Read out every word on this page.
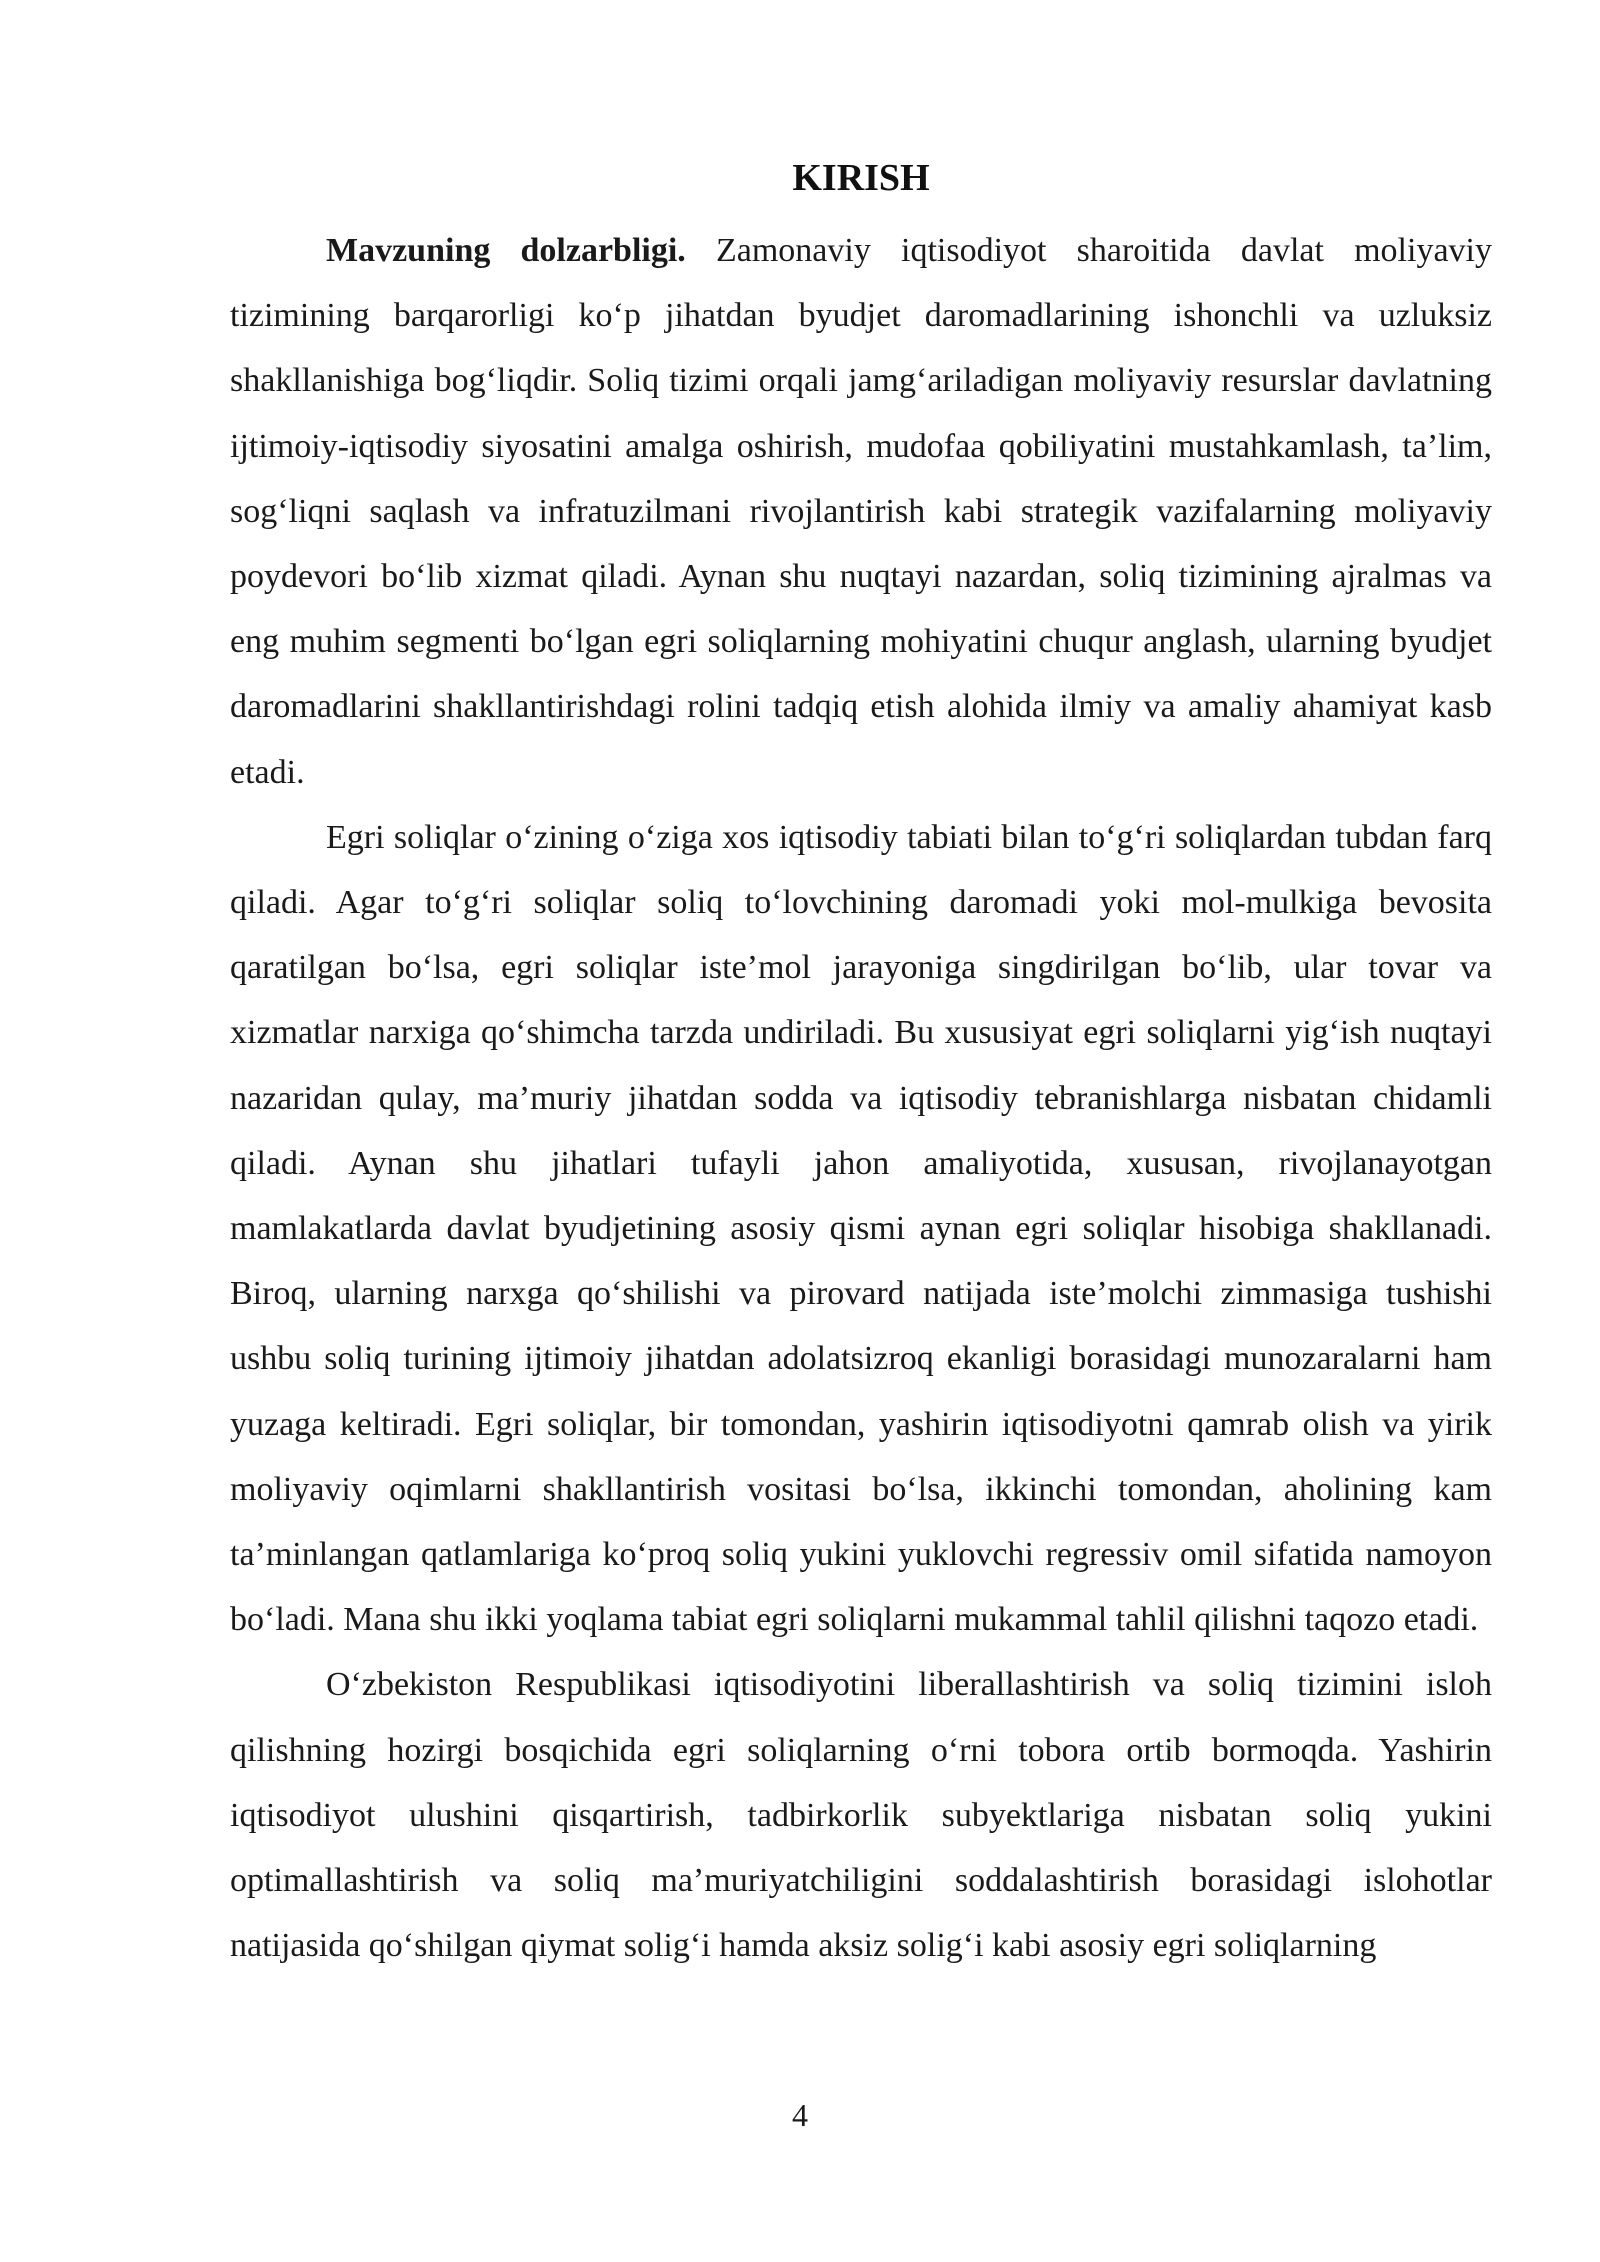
KIRISH

Mavzuning dolzarbligi. Zamonaviy iqtisodiyot sharoitida davlat moliyaviy tizimining barqarorligi ko‘p jihatdan byudjet daromadlarining ishonchli va uzluksiz shakllanishiga bog‘liqdir. Soliq tizimi orqali jamg‘ariladigan moliyaviy resurslar davlatning ijtimoiy-iqtisodiy siyosatini amalga oshirish, mudofaa qobiliyatini mustahkamlash, ta’lim, sog‘liqni saqlash va infratuzilmani rivojlantirish kabi strategik vazifalarning moliyaviy poydevori bo‘lib xizmat qiladi. Aynan shu nuqtayi nazardan, soliq tizimining ajralmas va eng muhim segmenti bo‘lgan egri soliqlarning mohiyatini chuqur anglash, ularning byudjet daromadlarini shakllantirishdagi rolini tadqiq etish alohida ilmiy va amaliy ahamiyat kasb etadi.

Egri soliqlar o‘zining o‘ziga xos iqtisodiy tabiati bilan to‘g‘ri soliqlardan tubdan farq qiladi. Agar to‘g‘ri soliqlar soliq to‘lovchining daromadi yoki mol-mulkiga bevosita qaratilgan bo‘lsa, egri soliqlar iste’mol jarayoniga singdirilgan bo‘lib, ular tovar va xizmatlar narxiga qo‘shimcha tarzda undiriladi. Bu xususiyat egri soliqlarni yig‘ish nuqtayi nazaridan qulay, ma’muriy jihatdan sodda va iqtisodiy tebranishlarga nisbatan chidamli qiladi. Aynan shu jihatlari tufayli jahon amaliyotida, xususan, rivojlanayotgan mamlakatlarda davlat byudjetining asosiy qismi aynan egri soliqlar hisobiga shakllanadi. Biroq, ularning narxga qo‘shilishi va pirovard natijada iste’molchi zimmasiga tushishi ushbu soliq turining ijtimoiy jihatdan adolatsizroq ekanligi borasidagi munozaralarni ham yuzaga keltiradi. Egri soliqlar, bir tomondan, yashirin iqtisodiyotni qamrab olish va yirik moliyaviy oqimlarni shakllantirish vositasi bo‘lsa, ikkinchi tomondan, aholining kam ta’minlangan qatlamlariga ko‘proq soliq yukini yuklovchi regressiv omil sifatida namoyon bo‘ladi. Mana shu ikki yoqlama tabiat egri soliqlarni mukammal tahlil qilishni taqozo etadi.

O‘zbekiston Respublikasi iqtisodiyotini liberallashtirish va soliq tizimini isloh qilishning hozirgi bosqichida egri soliqlarning o‘rni tobora ortib bormoqda. Yashirin iqtisodiyot ulushini qisqartirish, tadbirkorlik subyektlariga nisbatan soliq yukini optimallashtirish va soliq ma’muriyatchiligini soddalashtirish borasidagi islohotlar natijasida qo‘shilgan qiymat solig‘i hamda aksiz solig‘i kabi asosiy egri soliqlarning

4
